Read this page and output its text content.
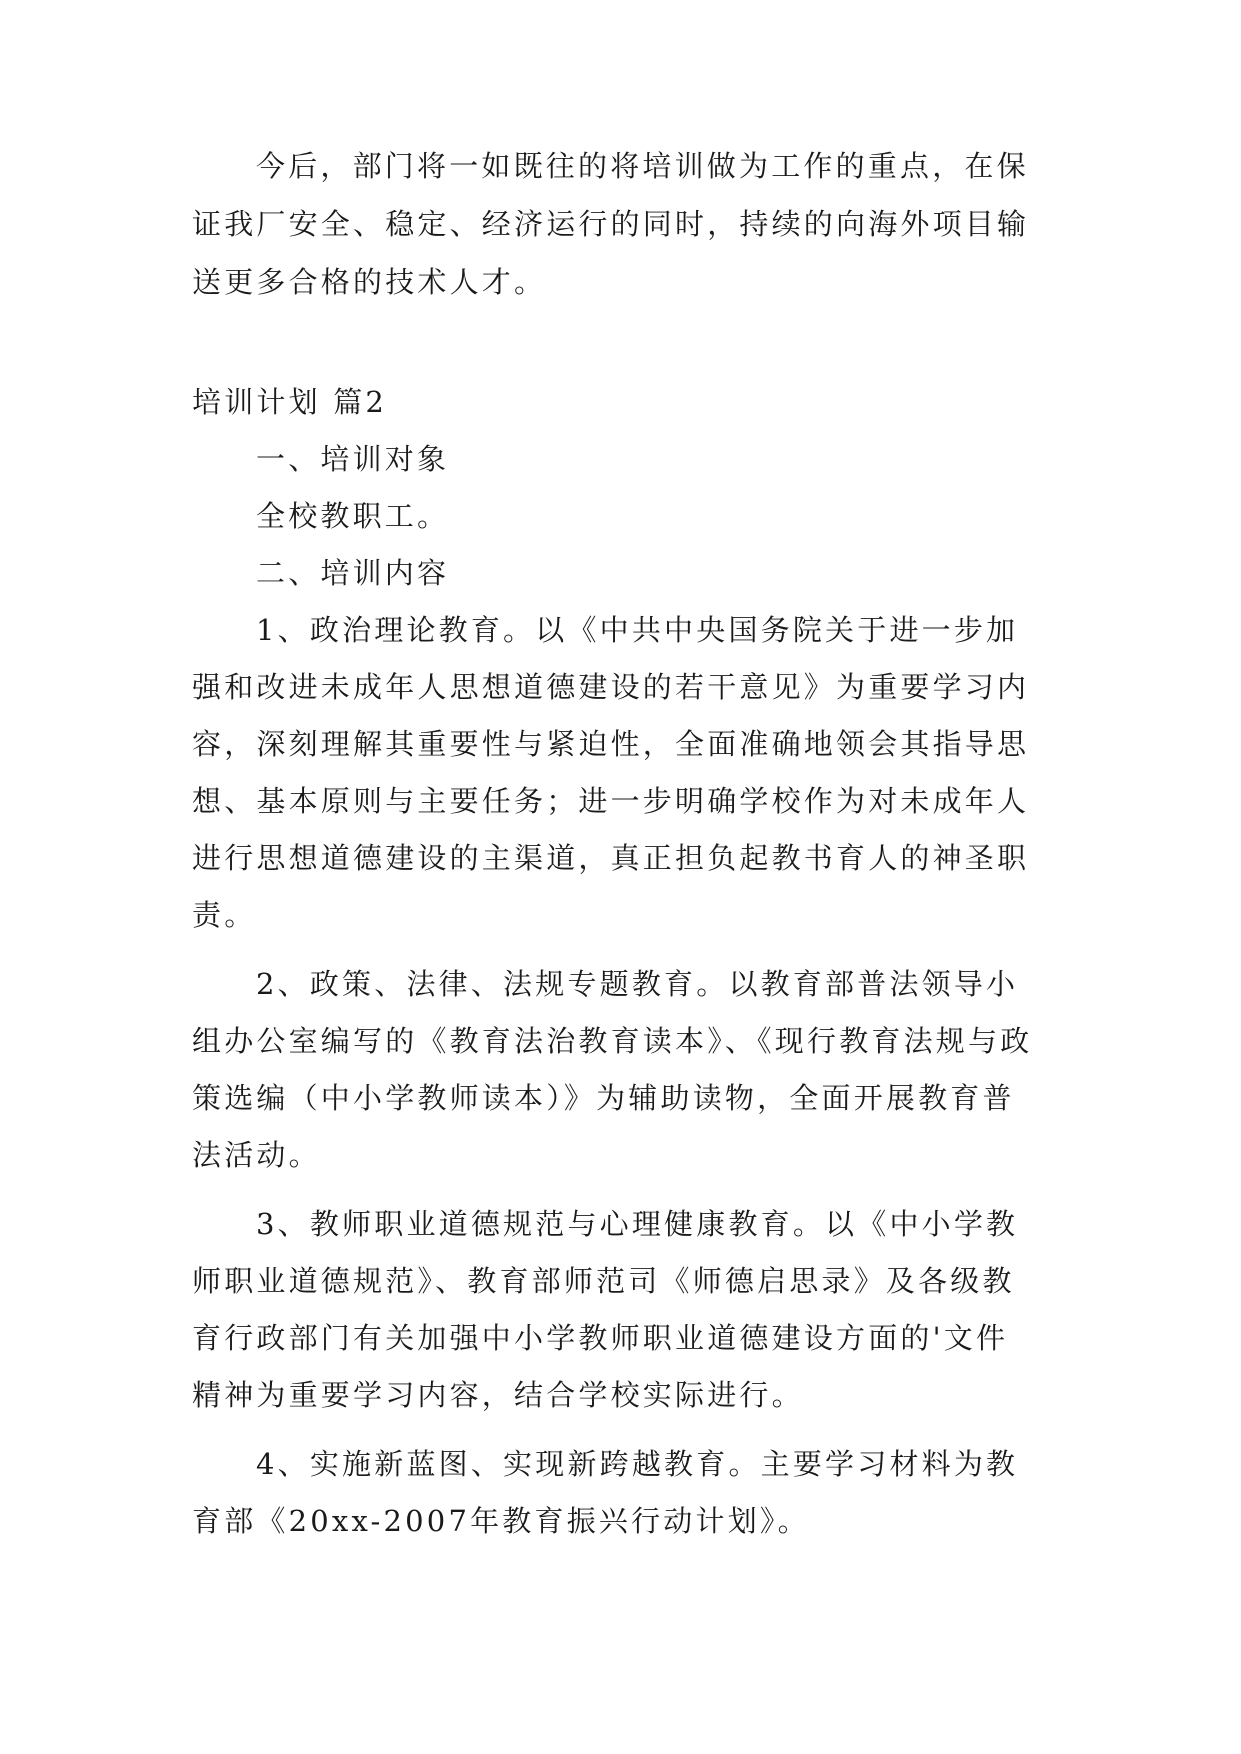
今后，部门将一如既往的将培训做为工作的重点，在保
证我厂安全、稳定、经济运行的同时，持续的向海外项目输
送更多合格的技术人才。
培训计划 篇2
一、培训对象
全校教职工。
二、培训内容
1、政治理论教育。以《中共中央国务院关于进一步加
强和改进未成年人思想道德建设的若干意见》为重要学习内
容，深刻理解其重要性与紧迫性，全面准确地领会其指导思
想、基本原则与主要任务；进一步明确学校作为对未成年人
进行思想道德建设的主渠道，真正担负起教书育人的神圣职
责。
2、政策、法律、法规专题教育。以教育部普法领导小
组办公室编写的《教育法治教育读本》、《现行教育法规与政
策选编（中小学教师读本）》为辅助读物，全面开展教育普
法活动。
3、教师职业道德规范与心理健康教育。以《中小学教
师职业道德规范》、教育部师范司《师德启思录》及各级教
育行政部门有关加强中小学教师职业道德建设方面的'文件
精神为重要学习内容，结合学校实际进行。
4、实施新蓝图、实现新跨越教育。主要学习材料为教
育部《20xx-2007年教育振兴行动计划》。
